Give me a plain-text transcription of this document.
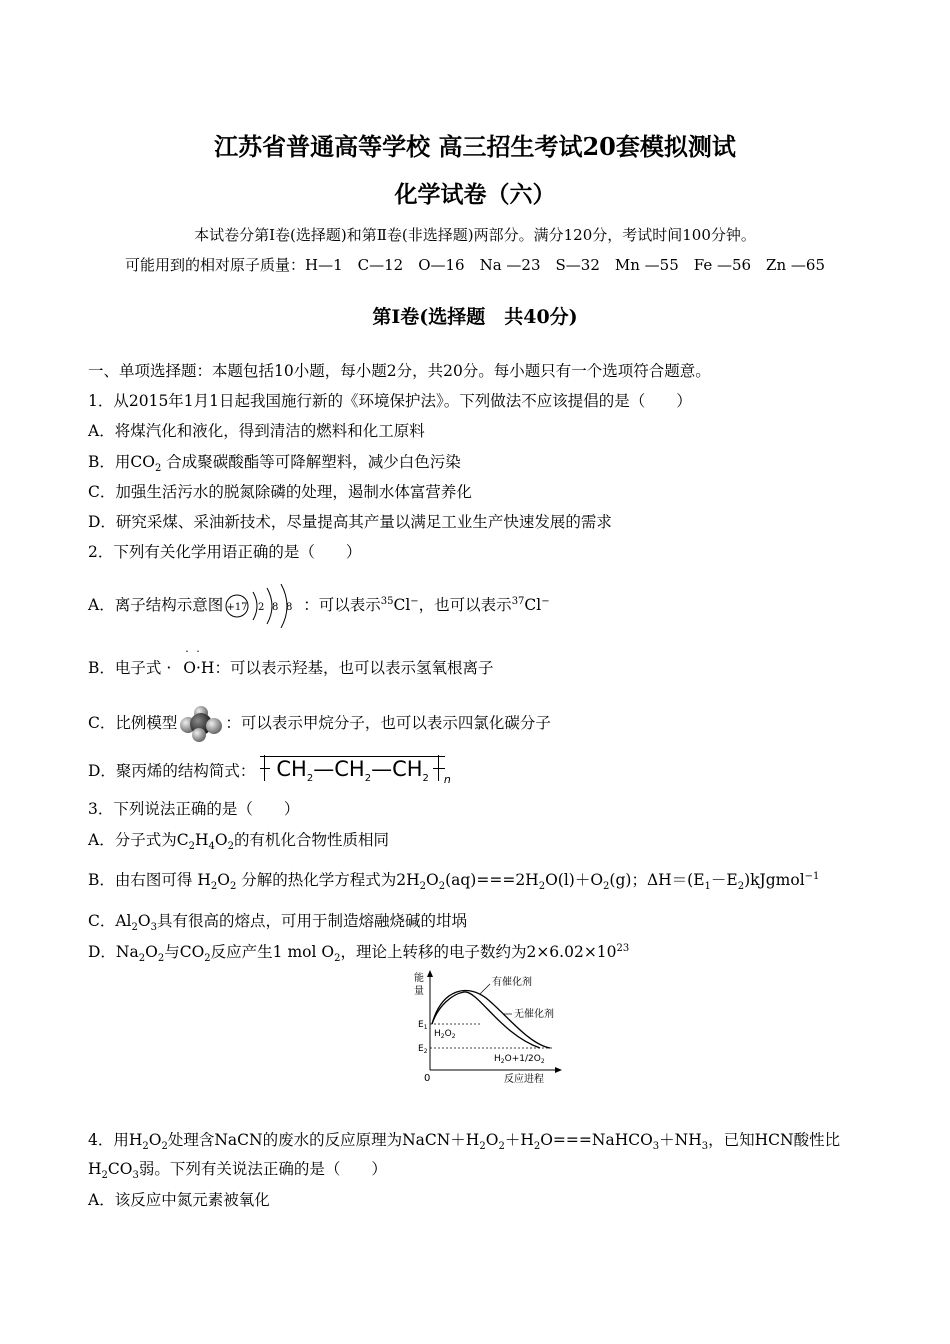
江苏省普通高等学校 高三招生考试20套模拟测试
化学试卷（六）
本试卷分第Ⅰ卷(选择题)和第Ⅱ卷(非选择题)两部分。满分120分，考试时间100分钟。
可能用到的相对原子质量：H—1　C—12　O—16　Na —23　S—32　Mn —55　Fe —56　Zn —65
第Ⅰ卷(选择题　共40分)
一、单项选择题：本题包括10小题，每小题2分，共20分。每小题只有一个选项符合题意。
1．从2015年1月1日起我国施行新的《环境保护法》。下列做法不应该提倡的是（　　）
A．将煤汽化和液化，得到清洁的燃料和化工原料
B．用$CO_2$ 合成聚碳酸酯等可降解塑料，减少白色污染
C．加强生活污水的脱氮除磷的处理，遏制水体富营养化
D．研究采煤、采油新技术，尽量提高其产量以满足工业生产快速发展的需求
2．下列有关化学用语正确的是（　　）
A．离子结构示意图 +17 2 8 8 ：可以表示$^{35}$Cl−，也可以表示$^{37}$Cl−
B．电子式 ·
· ·
O·H：可以表示羟基，也可以表示氢氧根离子
C．比例模型	：可以表示甲烷分子，也可以表示四氯化碳分子
D．聚丙烯的结构简式： $CH_2—CH_2—CH_2$ n
3．下列说法正确的是（　　）
A．分子式为$C_2H_4O_2$的有机化合物性质相同
B．由右图可得 $H_2O_2$ 分解的热化学方程式为$2H_2O_2(aq)===2H_2O(l)+O_2(g)$；$\Delta H=(E_1-E_2)kJgmol^{-1}$
C．$Al_2O_3$具有很高的熔点，可用于制造熔融烧碱的坩埚
D．$Na_2O_2$与$CO_2$反应产生1 mol $O_2$，理论上转移的电子数约为$2\times 6.02\times 10^{23}$
能
量
有催化剂
无催化剂
$E_1$
$E_2$
$H_2O_2$
$H_2O+1/2O_2$
0	反应进程
4．用$H_2O_2$处理含NaCN的废水的反应原理为$NaCN+H_2O_2+H_2O===NaHCO_3+NH_3$，已知HCN酸性比
$H_2CO_3$弱。下列有关说法正确的是（　　）
A．该反应中氮元素被氧化
